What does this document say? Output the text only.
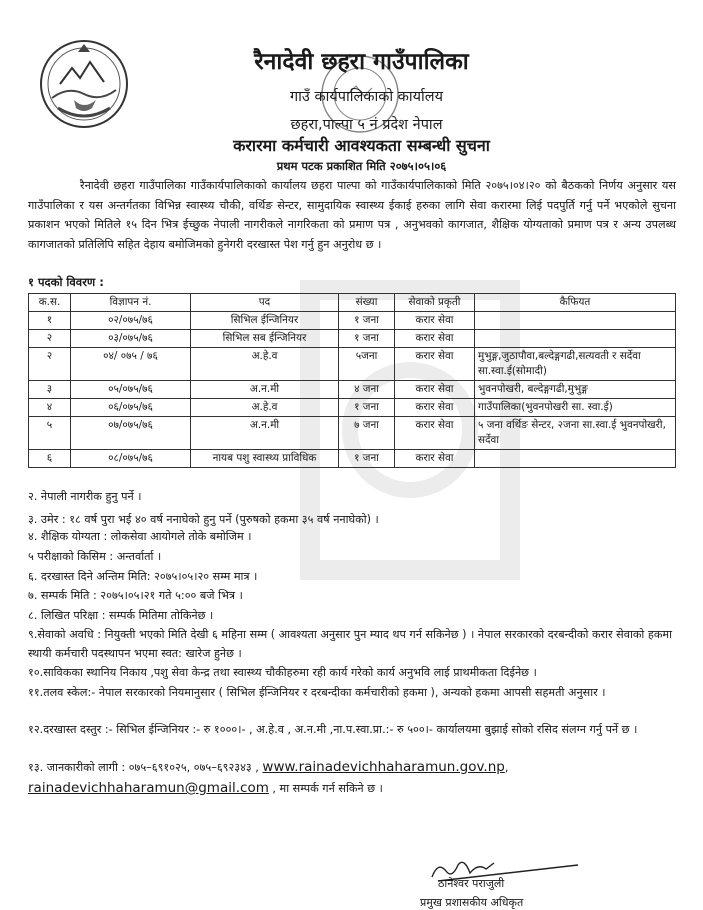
रैनादेवी छहरा गाउँपालिका
गाउँ कार्यपालिकाको कार्यालय
छहरा,पाल्पा ५ नं प्रदेश नेपाल
करारमा कर्मचारी आवश्यकता सम्बन्धी सुचना
प्रथम पटक प्रकाशित मिति २०७५।०५।०६
रैनादेवी छहरा गाउँपालिका गाउँकार्यपालिकाको कार्यालय छहरा पाल्पा को गाउँकार्यपालिकाको मिति २०७५।०४।२० को बैठकको निर्णय अनुसार यस गाउँपालिका र यस अन्तर्गतका विभिन्न स्वास्थ्य चौकी, वर्थिङ सेन्टर, सामुदायिक स्वास्थ्य ईकाई हरुका लागि सेवा करारमा लिई पदपुर्ति गर्नु पर्ने भएकोले सुचना प्रकाशन भएको मितिले १५ दिन भित्र ईच्छुक नेपाली नागरीकले नागरिकता को प्रमाण पत्र , अनुभवको कागजात, शैक्षिक योग्यताको प्रमाण पत्र र अन्य उपलब्ध कागजातको प्रतिलिपि सहित देहाय बमोजिमको हुनेगरी दरखास्त पेश गर्नु हुन अनुरोध छ ।
१ पदको विवरण :
क.स.	विज्ञापन नं.	पद	संख्या	सेवाको प्रकृती	कैफियत
१	०२/०७५/७६	सिभिल ईन्जिनियर	१ जना	करार सेवा	
२	०३/०७५/७६	सिभिल सब ईन्जिनियर	१ जना	करार सेवा	
२	०४/ ०७५ / ७६	अ.हे.व	५जना	करार सेवा	मुभुङ्ग,जुठापौवा,बल्देङ्गगढी,सत्यवती र सर्देवा सा.स्वा.ई(सोमादी)
३	०५/०७५/७६	अ.न.मी	४ जना	करार सेवा	भुवनपोखरी, बल्देङ्गगढी,मुभुङ्ग
४	०६/०७५/७६	अ.हे.व	१ जना	करार सेवा	गाउँपालिका(भुवनपोखरी सा. स्वा.ई)
५	०७/०७५/७६	अ.न.मी	७ जना	करार सेवा	५ जना वर्थिङ सेन्टर, २जना सा.स्वा.ई भुवनपोखरी, सर्देवा
६	०८/०७५/७६	नायब पशु स्वास्थ्य प्राविधिक	१ जना	करार सेवा	
२. नेपाली नागरीक हुनु पर्ने ।
३. उमेर : १८ वर्ष पुरा भई ४० वर्ष ननाघेको हुनु पर्ने (पुरुषको हकमा ३५ वर्ष ननाघेको) ।
४. शैक्षिक योग्यता : लोकसेवा आयोगले तोके बमोजिम ।
५ परीक्षाको किसिम : अन्तर्वार्ता ।
६. दरखास्त दिने अन्तिम मिति: २०७५।०५।२० सम्म मात्र ।
७. सम्पर्क मिति : २०७५।०५।२१ गते ५:०० बजे भित्र ।
८. लिखित परिक्षा : सम्पर्क मितिमा तोकिनेछ ।
९.सेवाको अवधि : नियुक्ती भएको मिति देखी ६ महिना सम्म ( आवश्यता अनुसार पुन म्याद थप गर्न सकिनेछ ) । नेपाल सरकारको दरबन्दीको करार सेवाको हकमा स्थायी कर्मचारी पदस्थापन भएमा स्वत: खारेज हुनेछ ।
१०.साविकका स्थानिय निकाय ,पशु सेवा केन्द्र तथा स्वास्थ्य चौकीहरुमा रही कार्य गरेको कार्य अनुभवि लाई प्राथमीकता दिईनेछ ।
११.तलव स्केल:- नेपाल सरकारको नियमानुसार ( सिभिल ईन्जिनियर र दरबन्दीका कर्मचारीको हकमा ), अन्यको हकमा आपसी सहमती अनुसार ।
१२.दरखास्त दस्तुर :- सिभिल ईन्जिनियर :- रु १०००।- , अ.हे.व , अ.न.मी ,ना.प.स्वा.प्रा.:- रु ५००।- कार्यालयमा बुझाई सोको रसिद संलग्न गर्नु पर्ने छ ।
१३. जानकारीको लागी : ०७५–६९१०२५, ०७५–६९२३४३ , www.rainadevichhaharamun.gov.np,
rainadevichhaharamun@gmail.com , मा सम्पर्क गर्न सकिने छ ।
ठानेश्वर पराजुली
प्रमुख प्रशासकीय अधिकृत
